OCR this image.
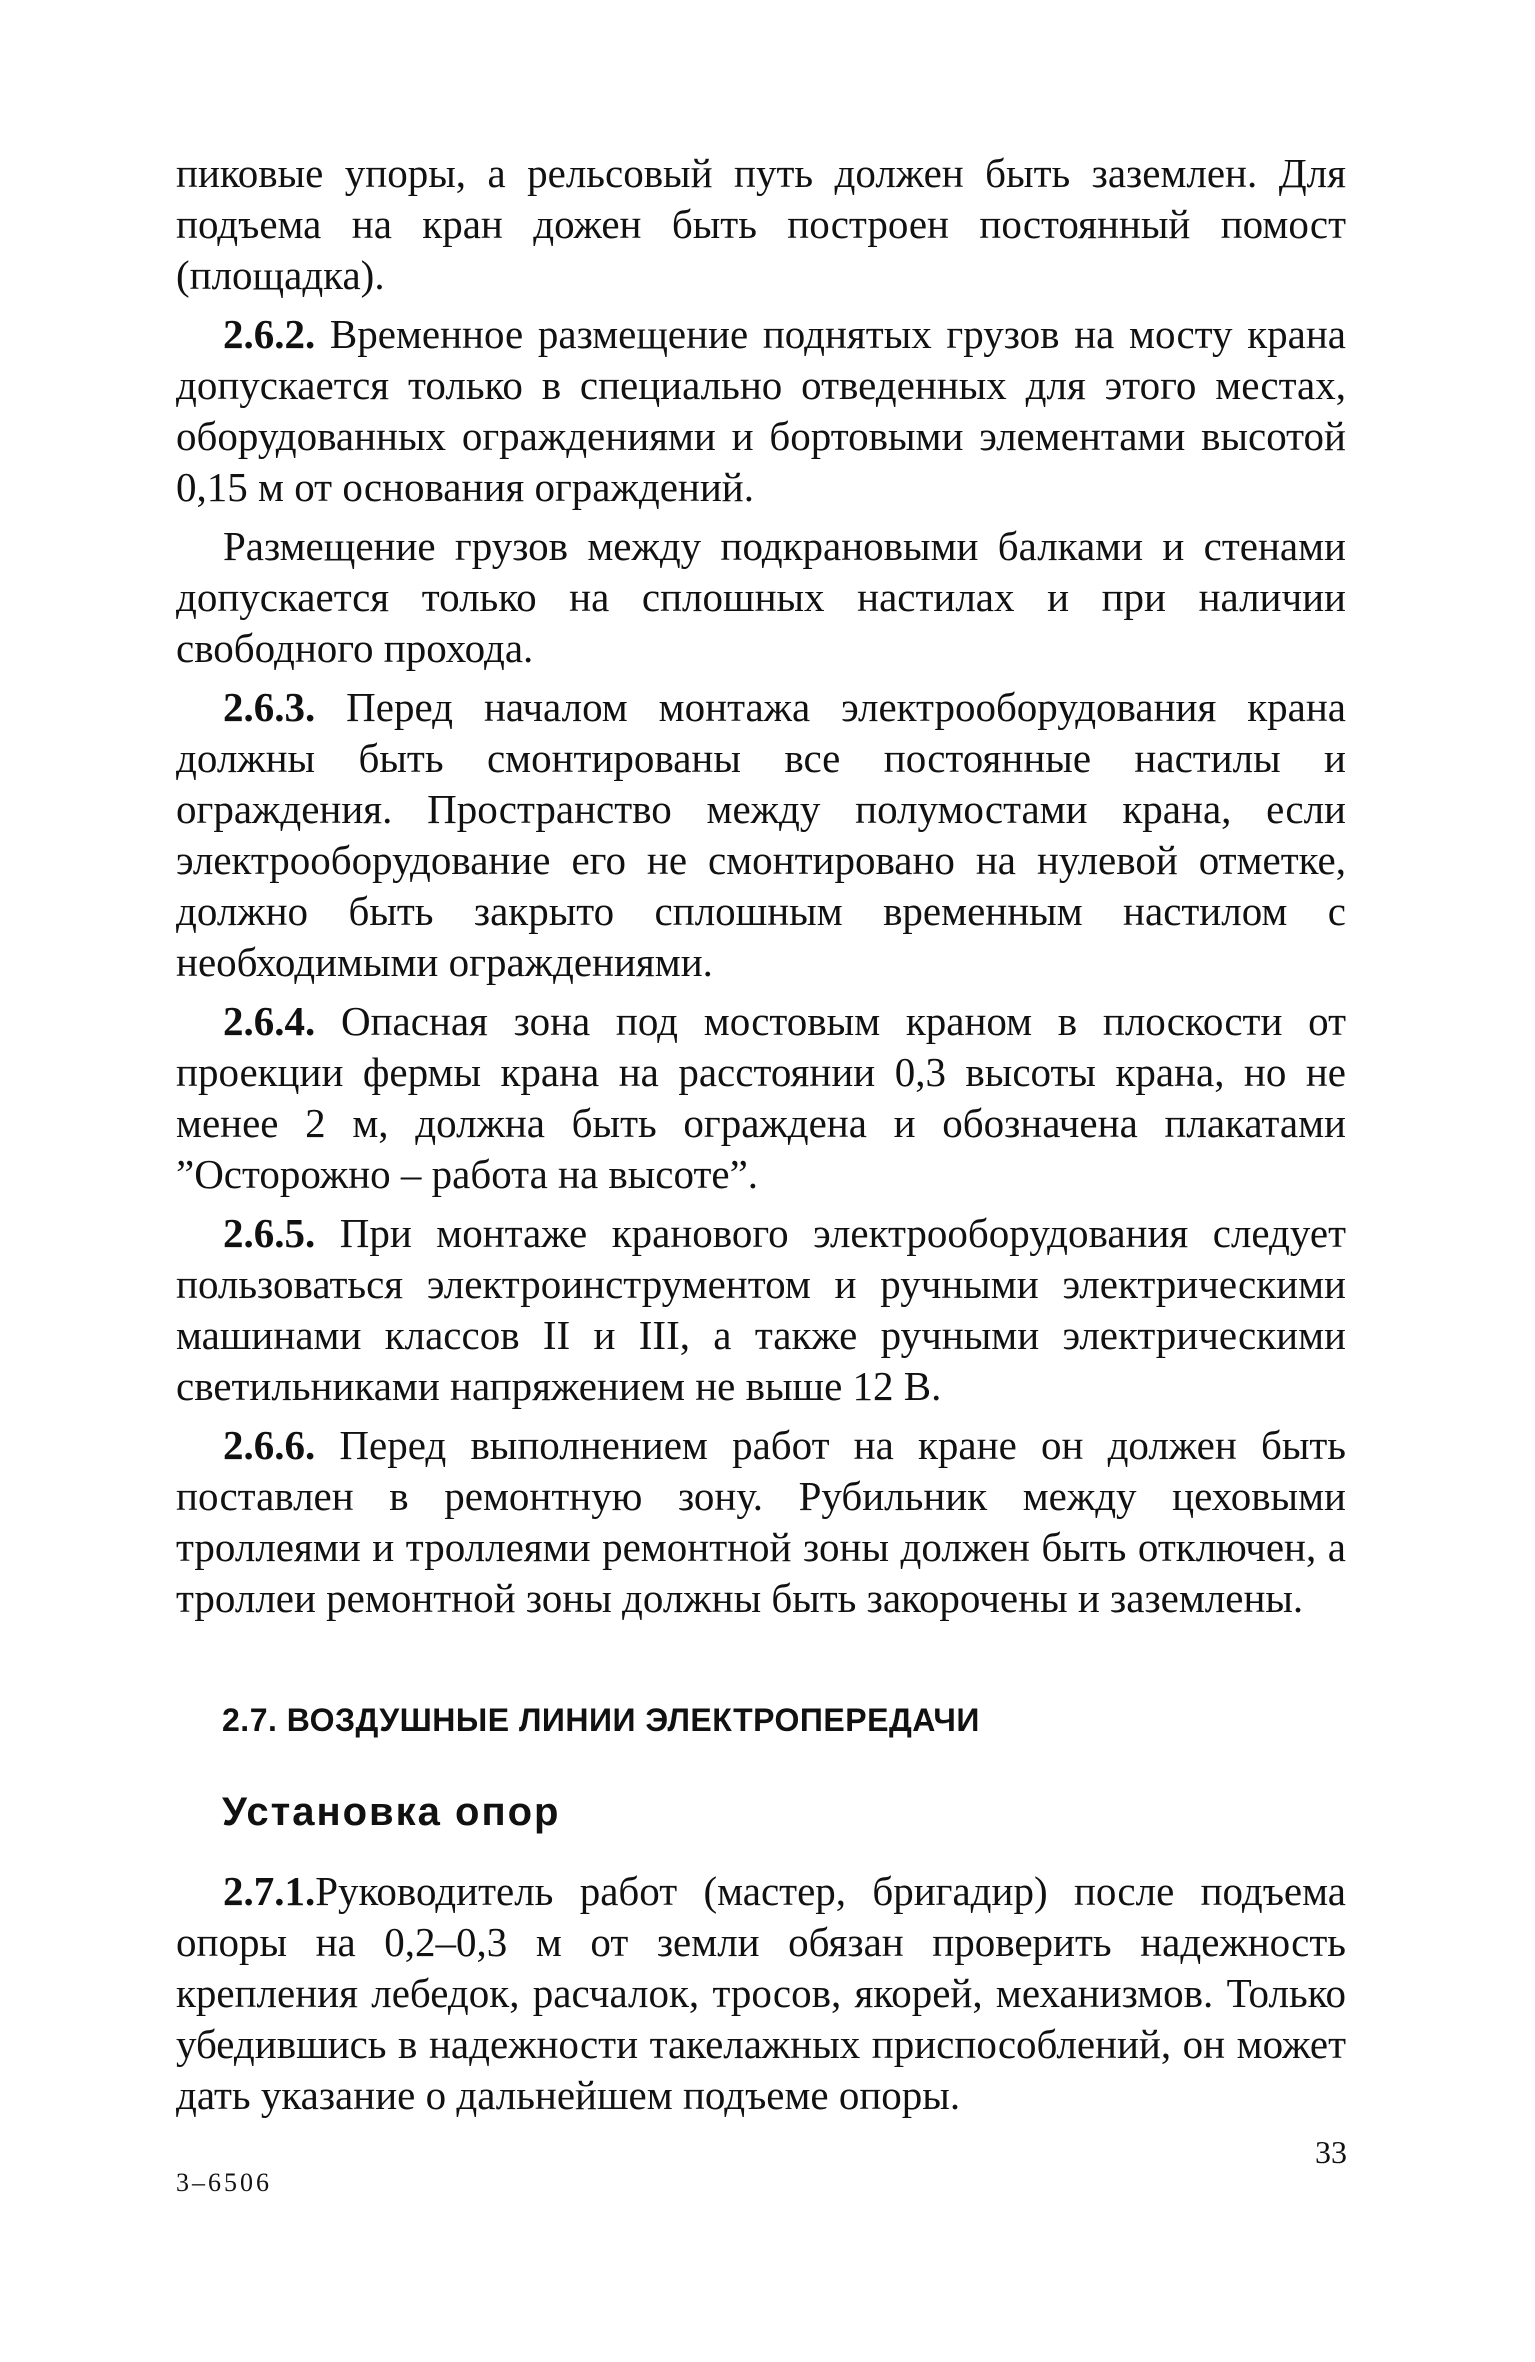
пиковые упоры, а рельсовый путь должен быть заземлен. Для подъема на кран дожен быть построен постоянный помост (площадка).

2.6.2. Временное размещение поднятых грузов на мосту крана допускается только в специально отведенных для этого местах, оборудованных ограждениями и бортовыми элементами высотой 0,15 м от основания ограждений.

Размещение грузов между подкрановыми балками и стенами допускается только на сплошных настилах и при наличии свободного прохода.

2.6.3. Перед началом монтажа электрооборудования крана должны быть смонтированы все постоянные настилы и ограждения. Пространство между полумостами крана, если электрооборудование его не смонтировано на нулевой отметке, должно быть закрыто сплошным временным настилом с необходимыми ограждениями.

2.6.4. Опасная зона под мостовым краном в плоскости от проекции фермы крана на расстоянии 0,3 высоты крана, но не менее 2 м, должна быть ограждена и обозначена плакатами ”Осторожно – работа на высоте”.

2.6.5. При монтаже кранового электрооборудования следует пользоваться электроинструментом и ручными электрическими машинами классов II и III, а также ручными электрическими светильниками напряжением не выше 12 В.

2.6.6. Перед выполнением работ на кране он должен быть поставлен в ремонтную зону. Рубильник между цеховыми троллеями и троллеями ремонтной зоны должен быть отключен, а троллеи ремонтной зоны должны быть закорочены и заземлены.

2.7. ВОЗДУШНЫЕ ЛИНИИ ЭЛЕКТРОПЕРЕДАЧИ
Установка опор

2.7.1.Руководитель работ (мастер, бригадир) после подъема опоры на 0,2–0,3 м от земли обязан проверить надежность крепления лебедок, расчалок, тросов, якорей, механизмов. Только убедившись в надежности такелажных приспособлений, он может дать указание о дальнейшем подъеме опоры.

33
3–6506
